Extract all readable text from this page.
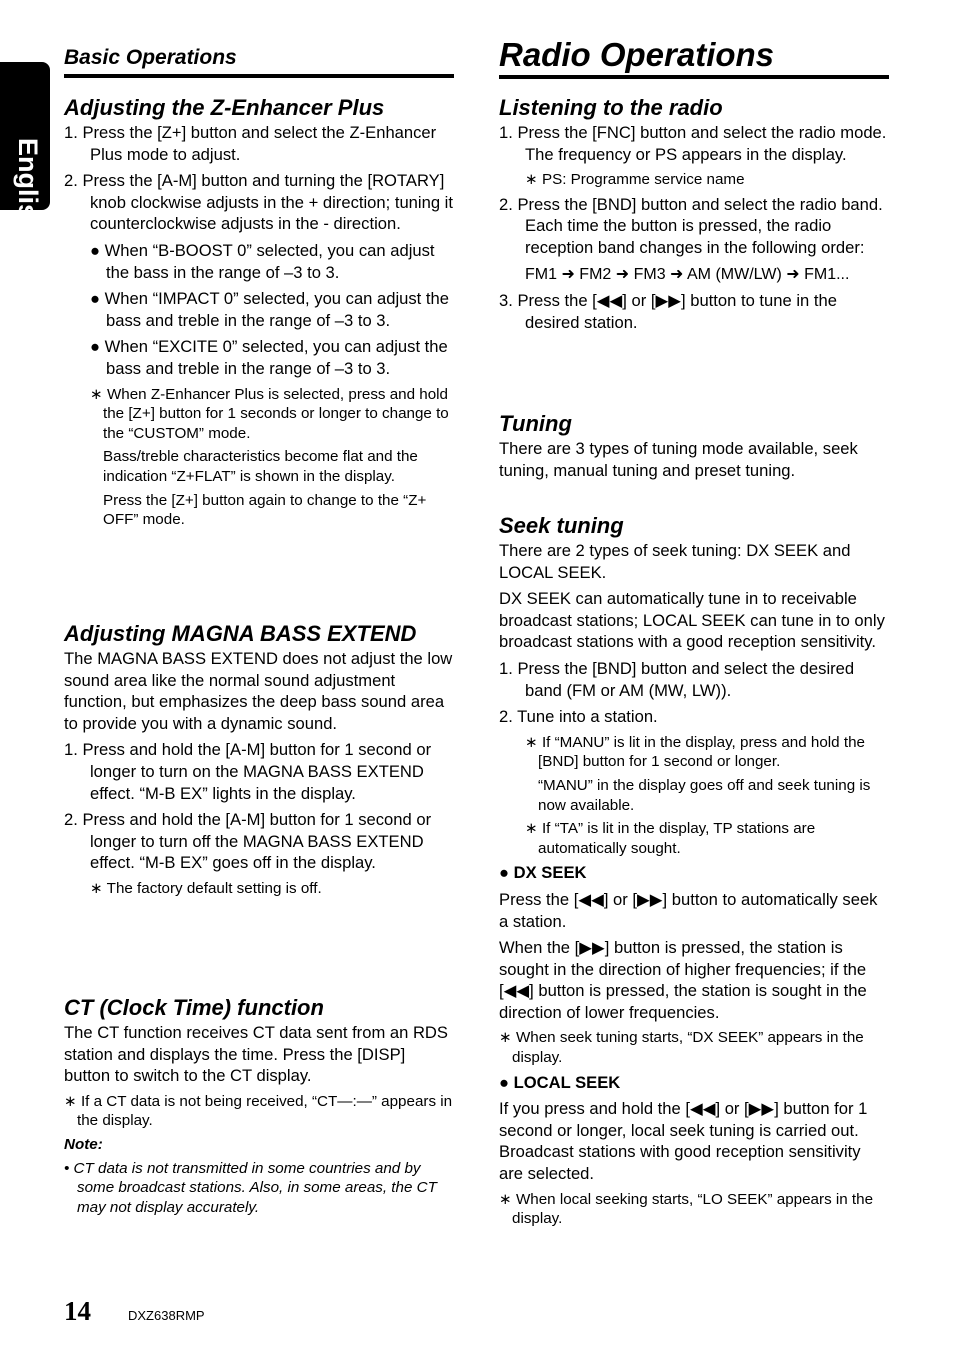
English
Basic Operations
Adjusting the Z-Enhancer Plus
1. Press the [Z+] button and select the Z-Enhancer Plus mode to adjust.
2. Press the [A-M] button and turning the [ROTARY] knob clockwise adjusts in the + direction; tuning it counterclockwise adjusts in the - direction.
● When “B-BOOST 0” selected, you can adjust the bass in the range of –3 to 3.
● When “IMPACT 0” selected, you can adjust the bass and treble in the range of –3 to 3.
● When “EXCITE 0” selected, you can adjust the bass and treble in the range of –3 to 3.
∗ When Z-Enhancer Plus is selected, press and hold the [Z+] button for 1 seconds or longer to change to the “CUSTOM” mode.
Bass/treble characteristics become flat and the indication “Z+FLAT” is shown in the display.
Press the [Z+] button again to change to the “Z+ OFF” mode.
Adjusting MAGNA BASS EXTEND
The MAGNA BASS EXTEND does not adjust the low sound area like the normal sound adjustment function, but emphasizes the deep bass sound area to provide you with a dynamic sound.
1. Press and hold the [A-M] button for 1 second or longer to turn on the MAGNA BASS EXTEND effect. “M-B EX” lights in the display.
2. Press and hold the [A-M] button for 1 second or longer to turn off the MAGNA BASS EXTEND effect. “M-B EX” goes off in the display.
∗ The factory default setting is off.
CT (Clock Time) function
The CT function receives CT data sent from an RDS station and displays the time. Press the [DISP] button to switch to the CT display.
∗ If a CT data is not being received, “CT—:—” appears in the display.
Note:
• CT data is not transmitted in some countries and by some broadcast stations. Also, in some areas, the CT may not display accurately.
Radio Operations
Listening to the radio
1. Press the [FNC] button and select the radio mode. The frequency or PS appears in the display.
∗ PS: Programme service name
2. Press the [BND] button and select the radio band. Each time the button is pressed, the radio reception band changes in the following order:
FM1 ➜ FM2 ➜ FM3 ➜ AM (MW/LW) ➜ FM1...
3. Press the [◀◀] or [▶▶] button to tune in the desired station.
Tuning
There are 3 types of tuning mode available, seek tuning, manual tuning and preset tuning.
Seek tuning
There are 2 types of seek tuning: DX SEEK and LOCAL SEEK.
DX SEEK can automatically tune in to receivable broadcast stations; LOCAL SEEK can tune in to only broadcast stations with a good reception sensitivity.
1. Press the [BND] button and select the desired band (FM or AM (MW, LW)).
2. Tune into a station.
∗ If “MANU” is lit in the display, press and hold the [BND] button for 1 second or longer.
“MANU” in the display goes off and seek tuning is now available.
∗ If “TA” is lit in the display, TP stations are automatically sought.
● DX SEEK
Press the [◀◀] or [▶▶] button to automatically seek a station.
When the [▶▶] button is pressed, the station is sought in the direction of higher frequencies; if the [◀◀] button is pressed, the station is sought in the direction of lower frequencies.
∗ When seek tuning starts, “DX SEEK” appears in the display.
● LOCAL SEEK
If you press and hold the [◀◀] or [▶▶] button for 1 second or longer, local seek tuning is carried out. Broadcast stations with good reception sensitivity are selected.
∗ When local seeking starts, “LO SEEK” appears in the display.
14	DXZ638RMP
